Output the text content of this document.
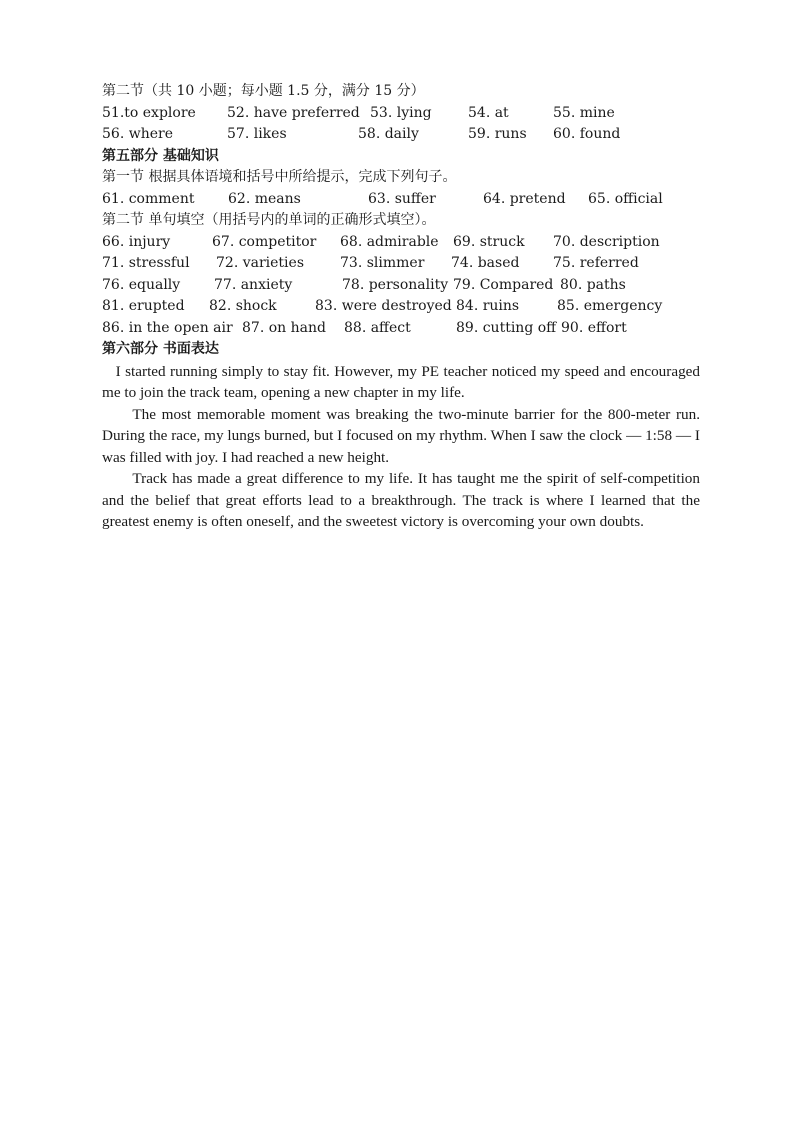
第二节（共 10 小题；每小题 1.5 分，满分 15 分）
51.to explore 52. have preferred 53. lying	54. at	55. mine
56. where	57. likes	58. daily	59. runs 60. found
第五部分 基础知识
第一节 根据具体语境和括号中所给提示，完成下列句子。
61. comment 62. means	63. suffer	64. pretend 65. official
第二节 单句填空（用括号内的单词的正确形式填空）。
66. injury	67. competitor 68. admirable 69. struck 70. description
71. stressful 72. varieties	73. slimmer 74. based 75. referred
76. equally 77. anxiety	78. personality 79. Compared 80. paths
81. erupted 82. shock	83. were destroyed 84. ruins	85. emergency
86. in the open air 87. on hand 88. affect	89. cutting off 90. effort
第六部分 书面表达

I started running simply to stay fit. However, my PE teacher noticed my speed and encouraged me to join the track team, opening a new chapter in my life.

The most memorable moment was breaking the two-minute barrier for the 800-meter run. During the race, my lungs burned, but I focused on my rhythm. When I saw the clock — 1:58 — I was filled with joy. I had reached a new height.

Track has made a great difference to my life. It has taught me the spirit of self-competition and the belief that great efforts lead to a breakthrough. The track is where I learned that the greatest enemy is often oneself, and the sweetest victory is overcoming your own doubts.
